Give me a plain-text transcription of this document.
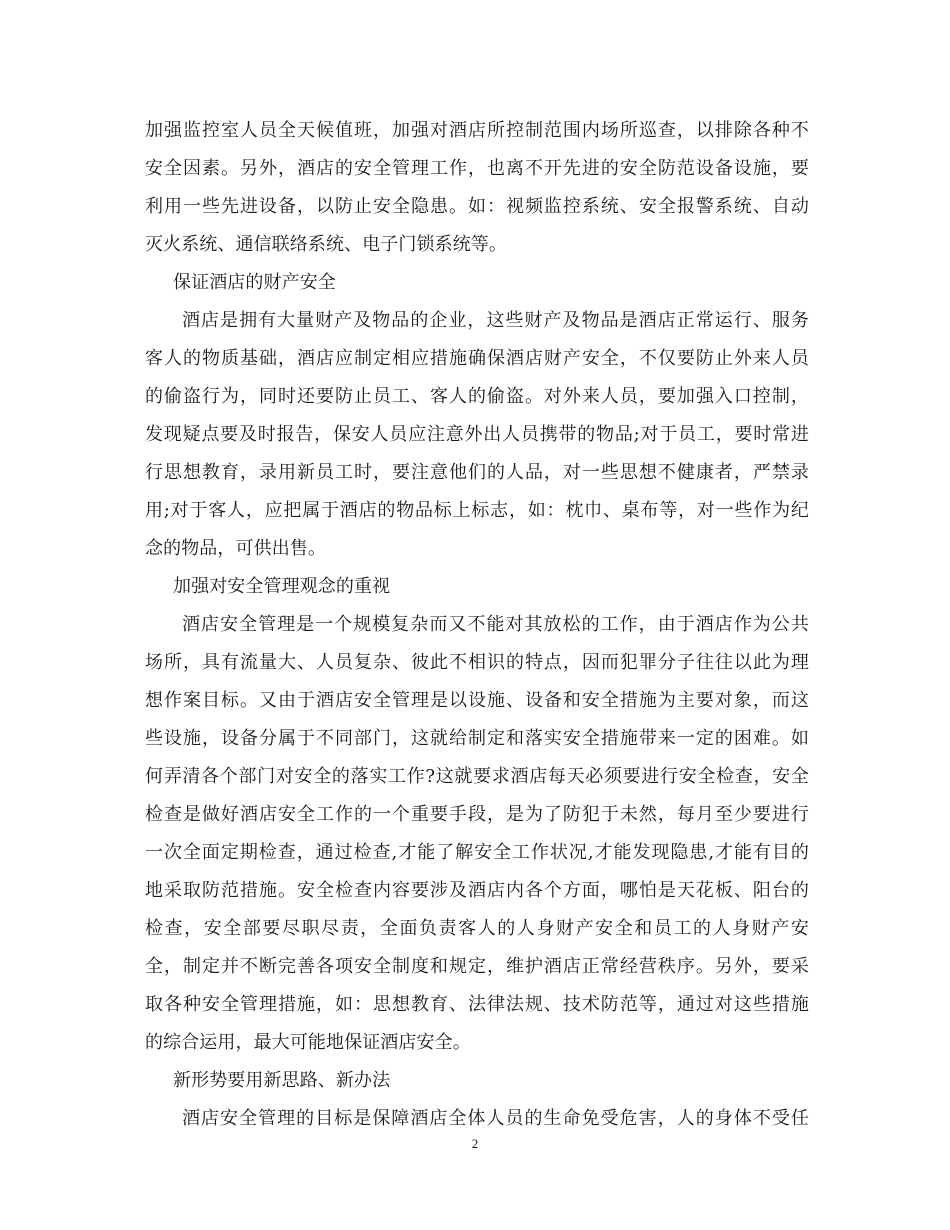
加强监控室人员全天候值班，加强对酒店所控制范围内场所巡查，以排除各种不
安全因素。另外，酒店的安全管理工作，也离不开先进的安全防范设备设施，要
利用一些先进设备，以防止安全隐患。如：视频监控系统、安全报警系统、自动
灭火系统、通信联络系统、电子门锁系统等。
保证酒店的财产安全
酒店是拥有大量财产及物品的企业，这些财产及物品是酒店正常运行、服务
客人的物质基础，酒店应制定相应措施确保酒店财产安全，不仅要防止外来人员
的偷盗行为，同时还要防止员工、客人的偷盗。对外来人员，要加强入口控制，
发现疑点要及时报告，保安人员应注意外出人员携带的物品;对于员工，要时常进
行思想教育，录用新员工时，要注意他们的人品，对一些思想不健康者，严禁录
用;对于客人，应把属于酒店的物品标上标志，如：枕巾、桌布等，对一些作为纪
念的物品，可供出售。
加强对安全管理观念的重视
酒店安全管理是一个规模复杂而又不能对其放松的工作，由于酒店作为公共
场所，具有流量大、人员复杂、彼此不相识的特点，因而犯罪分子往往以此为理
想作案目标。又由于酒店安全管理是以设施、设备和安全措施为主要对象，而这
些设施，设备分属于不同部门，这就给制定和落实安全措施带来一定的困难。如
何弄清各个部门对安全的落实工作?这就要求酒店每天必须要进行安全检查，安全
检查是做好酒店安全工作的一个重要手段，是为了防犯于未然，每月至少要进行
一次全面定期检查，通过检查,才能了解安全工作状况,才能发现隐患,才能有目的
地采取防范措施。安全检查内容要涉及酒店内各个方面，哪怕是天花板、阳台的
检查，安全部要尽职尽责，全面负责客人的人身财产安全和员工的人身财产安
全，制定并不断完善各项安全制度和规定，维护酒店正常经营秩序。另外，要采
取各种安全管理措施，如：思想教育、法律法规、技术防范等，通过对这些措施
的综合运用，最大可能地保证酒店安全。
新形势要用新思路、新办法
酒店安全管理的目标是保障酒店全体人员的生命免受危害，人的身体不受任
2
